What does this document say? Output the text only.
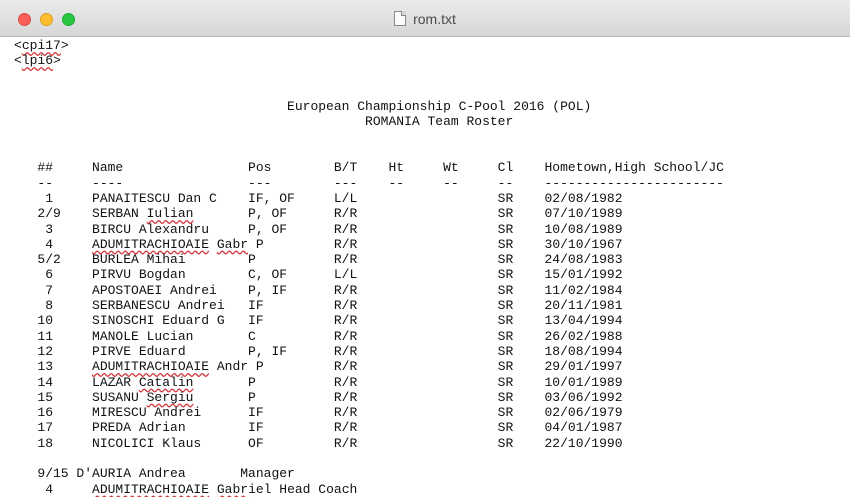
rom.txt
<cpi17>
<lpi6>
European Championship C-Pool 2016 (POL)
ROMANIA Team Roster
##     Name                Pos        B/T    Ht     Wt     Cl    Hometown,High School/JC
--     ----                ---        ---    --     --     --    -----------------------
1     PANAITESCU Dan C    IF, OF     L/L                  SR    02/08/1982
2/9    SERBAN Iulian       P, OF      R/R                  SR    07/10/1989
3     BIRCU Alexandru     P, OF      R/R                  SR    10/08/1989
4     ADUMITRACHIOAIE Gabr P         R/R                  SR    30/10/1967
5/2    BURLEA Mihai        P          R/R                  SR    24/08/1983
6     PIRVU Bogdan        C, OF      L/L                  SR    15/01/1992
7     APOSTOAEI Andrei    P, IF      R/R                  SR    11/02/1984
8     SERBANESCU Andrei   IF         R/R                  SR    20/11/1981
10     SINOSCHI Eduard G   IF         R/R                  SR    13/04/1994
11     MANOLE Lucian       C          R/R                  SR    26/02/1988
12     PIRVE Eduard        P, IF      R/R                  SR    18/08/1994
13     ADUMITRACHIOAIE Andr P         R/R                  SR    29/01/1997
14     LAZAR Catalin       P          R/R                  SR    10/01/1989
15     SUSANU Sergiu       P          R/R                  SR    03/06/1992
16     MIRESCU Andrei      IF         R/R                  SR    02/06/1979
17     PREDA Adrian        IF         R/R                  SR    04/01/1987
18     NICOLICI Klaus      OF         R/R                  SR    22/10/1990
9/15 D'AURIA Andrea       Manager
4     ADUMITRACHIOAIE Gabriel Head Coach
